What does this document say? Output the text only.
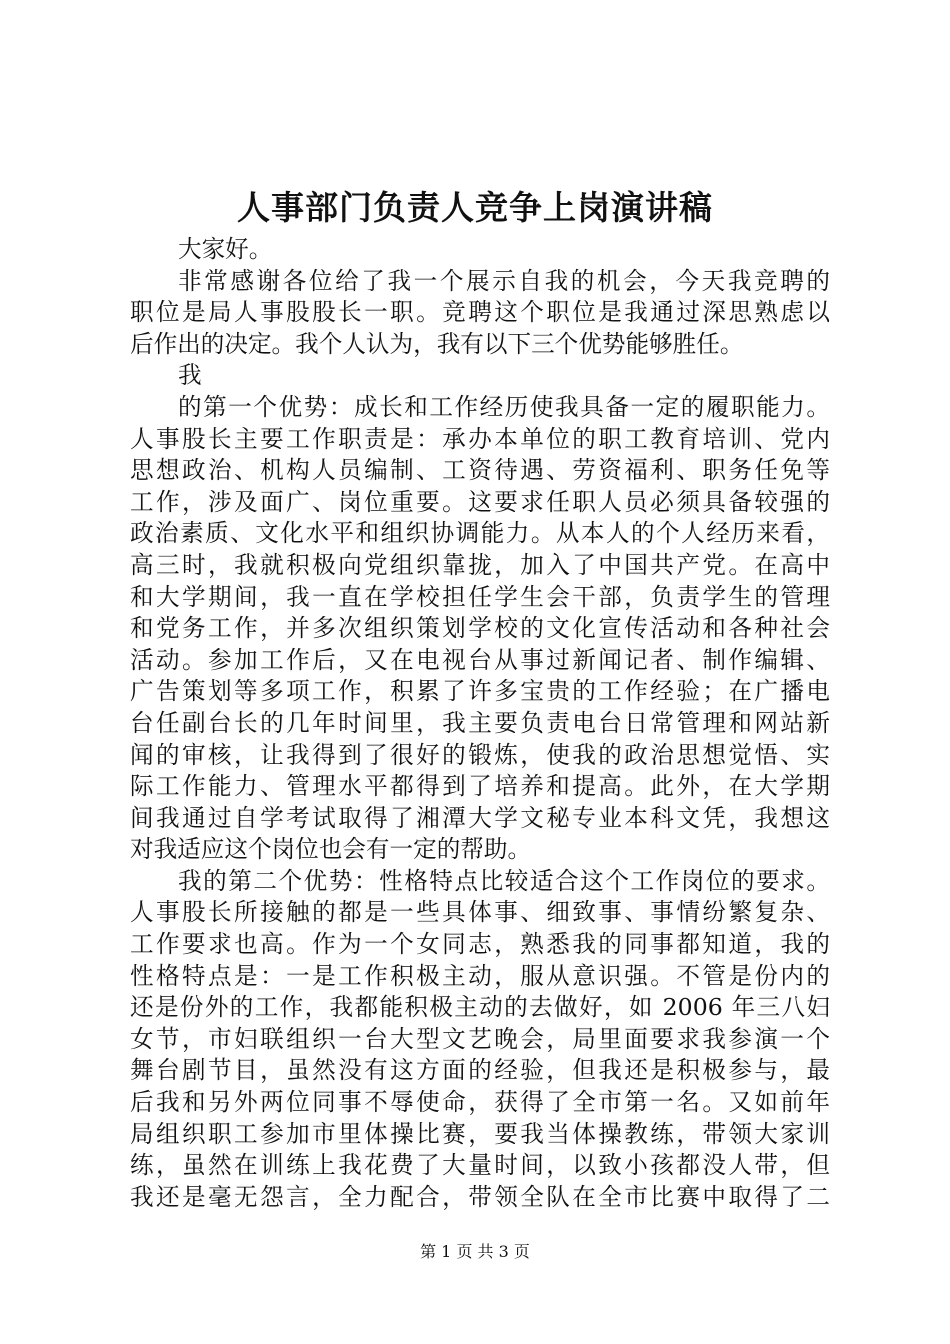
人事部门负责人竞争上岗演讲稿
大家好。
非常感谢各位给了我一个展示自我的机会，今天我竞聘的
职位是局人事股股长一职。竞聘这个职位是我通过深思熟虑以
后作出的决定。我个人认为，我有以下三个优势能够胜任。
我
的第一个优势：成长和工作经历使我具备一定的履职能力。
人事股长主要工作职责是：承办本单位的职工教育培训、党内
思想政治、机构人员编制、工资待遇、劳资福利、职务任免等
工作，涉及面广、岗位重要。这要求任职人员必须具备较强的
政治素质、文化水平和组织协调能力。从本人的个人经历来看，
高三时，我就积极向党组织靠拢，加入了中国共产党。在高中
和大学期间，我一直在学校担任学生会干部，负责学生的管理
和党务工作，并多次组织策划学校的文化宣传活动和各种社会
活动。参加工作后，又在电视台从事过新闻记者、制作编辑、
广告策划等多项工作，积累了许多宝贵的工作经验；在广播电
台任副台长的几年时间里，我主要负责电台日常管理和网站新
闻的审核，让我得到了很好的锻炼，使我的政治思想觉悟、实
际工作能力、管理水平都得到了培养和提高。此外，在大学期
间我通过自学考试取得了湘潭大学文秘专业本科文凭，我想这
对我适应这个岗位也会有一定的帮助。
我的第二个优势：性格特点比较适合这个工作岗位的要求。
人事股长所接触的都是一些具体事、细致事、事情纷繁复杂、
工作要求也高。作为一个女同志，熟悉我的同事都知道，我的
性格特点是：一是工作积极主动，服从意识强。不管是份内的
还是份外的工作，我都能积极主动的去做好，如 2006 年三八妇
女节，市妇联组织一台大型文艺晚会，局里面要求我参演一个
舞台剧节目，虽然没有这方面的经验，但我还是积极参与，最
后我和另外两位同事不辱使命，获得了全市第一名。又如前年
局组织职工参加市里体操比赛，要我当体操教练，带领大家训
练，虽然在训练上我花费了大量时间，以致小孩都没人带，但
我还是毫无怨言，全力配合，带领全队在全市比赛中取得了二
第 1 页 共 3 页
